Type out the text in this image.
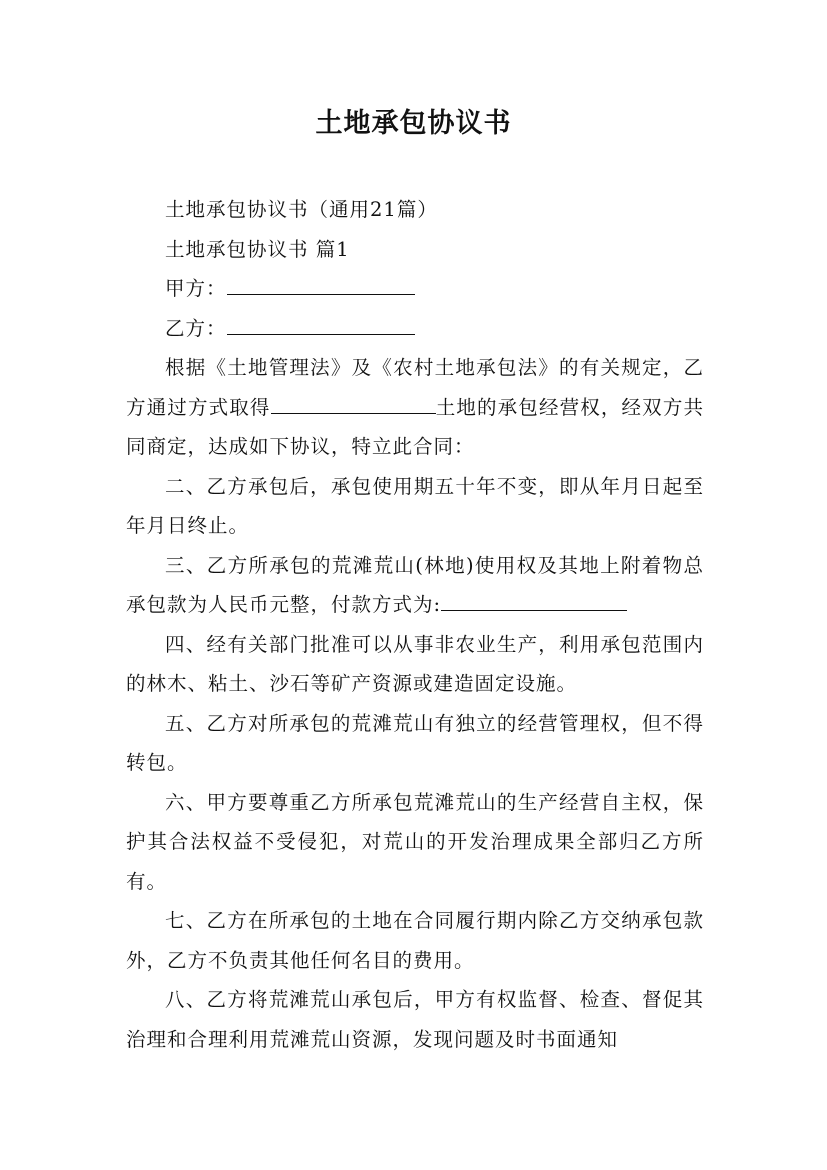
土地承包协议书

土地承包协议书（通用21篇）

土地承包协议书 篇1

甲方：

乙方：

根据《土地管理法》及《农村土地承包法》的有关规定，乙方通过方式取得	土地的承包经营权，经双方共同商定，达成如下协议，特立此合同：

二、乙方承包后，承包使用期五十年不变，即从年月日起至年月日终止。

三、乙方所承包的荒滩荒山(林地)使用权及其地上附着物总承包款为人民币元整，付款方式为:

四、经有关部门批准可以从事非农业生产，利用承包范围内的林木、粘土、沙石等矿产资源或建造固定设施。

五、乙方对所承包的荒滩荒山有独立的经营管理权，但不得转包。

六、甲方要尊重乙方所承包荒滩荒山的生产经营自主权，保护其合法权益不受侵犯，对荒山的开发治理成果全部归乙方所有。

七、乙方在所承包的土地在合同履行期内除乙方交纳承包款外，乙方不负责其他任何名目的费用。

八、乙方将荒滩荒山承包后，甲方有权监督、检查、督促其治理和合理利用荒滩荒山资源，发现问题及时书面通知
